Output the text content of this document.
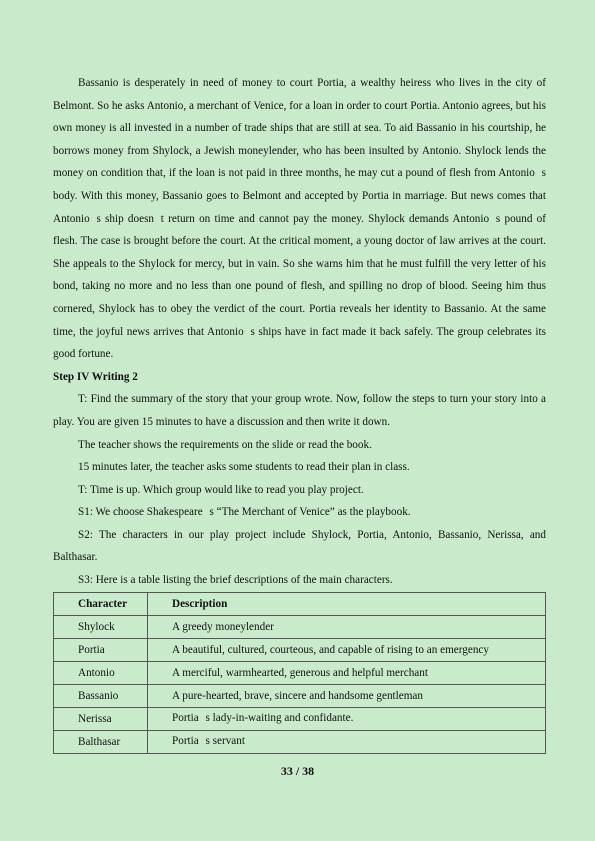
Bassanio is desperately in need of money to court Portia, a wealthy heiress who lives in the city of Belmont. So he asks Antonio, a merchant of Venice, for a loan in order to court Portia. Antonio agrees, but his own money is all invested in a number of trade ships that are still at sea. To aid Bassanio in his courtship, he borrows money from Shylock, a Jewish moneylender, who has been insulted by Antonio. Shylock lends the money on condition that, if the loan is not paid in three months, he may cut a pound of flesh from Antonios body. With this money, Bassanio goes to Belmont and accepted by Portia in marriage. But news comes that Antonios ship doesnt return on time and cannot pay the money. Shylock demands Antonios pound of flesh. The case is brought before the court. At the critical moment, a young doctor of law arrives at the court. She appeals to the Shylock for mercy, but in vain. So she warns him that he must fulfill the very letter of his bond, taking no more and no less than one pound of flesh, and spilling no drop of blood. Seeing him thus cornered, Shylock has to obey the verdict of the court. Portia reveals her identity to Bassanio. At the same time, the joyful news arrives that Antonios ships have in fact made it back safely. The group celebrates its good fortune.

Step IV Writing 2

T: Find the summary of the story that your group wrote. Now, follow the steps to turn your story into a play. You are given 15 minutes to have a discussion and then write it down.

The teacher shows the requirements on the slide or read the book.

15 minutes later, the teacher asks some students to read their plan in class.

T: Time is up. Which group would like to read you play project.

S1: We choose Shakespeares “The Merchant of Venice” as the playbook.

S2: The characters in our play project include Shylock, Portia, Antonio, Bassanio, Nerissa, and Balthasar.

S3: Here is a table listing the brief descriptions of the main characters.

Character	Description
Shylock	A greedy moneylender
Portia	A beautiful, cultured, courteous, and capable of rising to an emergency
Antonio	A merciful, warmhearted, generous and helpful merchant
Bassanio	A pure-hearted, brave, sincere and handsome gentleman
Nerissa	Portias lady-in-waiting and confidante.
Balthasar	Portias servant
33 / 38
